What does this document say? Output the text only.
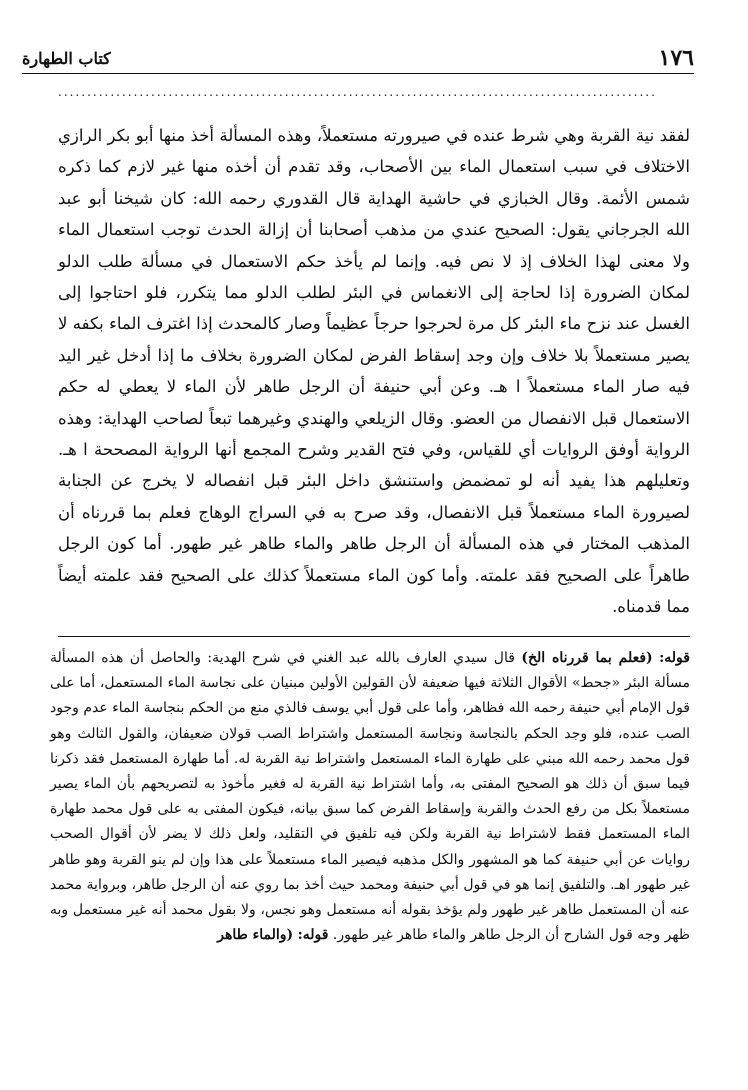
كتاب الطهارة	١٧٦
.......................................................................................................

لفقد نية القربة وهي شرط عنده في صيرورته مستعملاً، وهذه المسألة أخذ منها أبو بكر الرازي الاختلاف في سبب استعمال الماء بين الأصحاب، وقد تقدم أن أخذه منها غير لازم كما ذكره شمس الأئمة. وقال الخبازي في حاشية الهداية قال القدوري رحمه الله: كان شيخنا أبو عبد الله الجرجاني يقول: الصحيح عندي من مذهب أصحابنا أن إزالة الحدث توجب استعمال الماء ولا معنى لهذا الخلاف إذ لا نص فيه. وإنما لم يأخذ حكم الاستعمال في مسألة طلب الدلو لمكان الضرورة إذا لحاجة إلى الانغماس في البئر لطلب الدلو مما يتكرر، فلو احتاجوا إلى الغسل عند نزح ماء البئر كل مرة لحرجوا حرجاً عظيماً وصار كالمحدث إذا اغترف الماء بكفه لا يصير مستعملاً بلا خلاف وإن وجد إسقاط الفرض لمكان الضرورة بخلاف ما إذا أدخل غير اليد فيه صار الماء مستعملاً ا هـ. وعن أبي حنيفة أن الرجل طاهر لأن الماء لا يعطي له حكم الاستعمال قبل الانفصال من العضو. وقال الزيلعي والهندي وغيرهما تبعاً لصاحب الهداية: وهذه الرواية أوفق الروايات أي للقياس، وفي فتح القدير وشرح المجمع أنها الرواية المصححة ا هـ. وتعليلهم هذا يفيد أنه لو تمضمض واستنشق داخل البئر قبل انفصاله لا يخرج عن الجنابة لصيرورة الماء مستعملاً قبل الانفصال، وقد صرح به في السراج الوهاج فعلم بما قررناه أن المذهب المختار في هذه المسألة أن الرجل طاهر والماء طاهر غير طهور. أما كون الرجل طاهراً على الصحيح فقد علمته. وأما كون الماء مستعملاً كذلك على الصحيح فقد علمته أيضاً مما قدمناه.

قوله: (فعلم بما قررناه الخ) قال سيدي العارف بالله عبد الغني في شرح الهدية: والحاصل أن هذه المسألة مسألة البئر «جحط» الأقوال الثلاثة فيها ضعيفة لأن القولين الأولين مبنيان على نجاسة الماء المستعمل، أما على قول الإمام أبي حنيفة رحمه الله فظاهر، وأما على قول أبي يوسف فالذي منع من الحكم بنجاسة الماء عدم وجود الصب عنده، فلو وجد الحكم بالنجاسة ونجاسة المستعمل واشتراط الصب قولان ضعيفان، والقول الثالث وهو قول محمد رحمه الله مبني على طهارة الماء المستعمل واشتراط نية القربة له. أما طهارة المستعمل فقد ذكرنا فيما سبق أن ذلك هو الصحيح المفتى به، وأما اشتراط نية القربة له فغير مأخوذ به لتصريحهم بأن الماء يصير مستعملاً بكل من رفع الحدث والقربة وإسقاط الفرض كما سبق بيانه، فيكون المفتى به على قول محمد طهارة الماء المستعمل فقط لاشتراط نية القربة ولكن فيه تلفيق في التقليد، ولعل ذلك لا يضر لأن أقوال الصحب روايات عن أبي حنيفة كما هو المشهور والكل مذهبه فيصير الماء مستعملاً على هذا وإن لم ينو القربة وهو طاهر غير طهور اهـ. والتلفيق إنما هو في قول أبي حنيفة ومحمد حيث أخذ بما روي عنه أن الرجل طاهر، وبرواية محمد عنه أن المستعمل طاهر غير طهور ولم يؤخذ بقوله أنه مستعمل وهو نجس، ولا بقول محمد أنه غير مستعمل وبه ظهر وجه قول الشارح أن الرجل طاهر والماء طاهر غير طهور. قوله: (والماء طاهر
